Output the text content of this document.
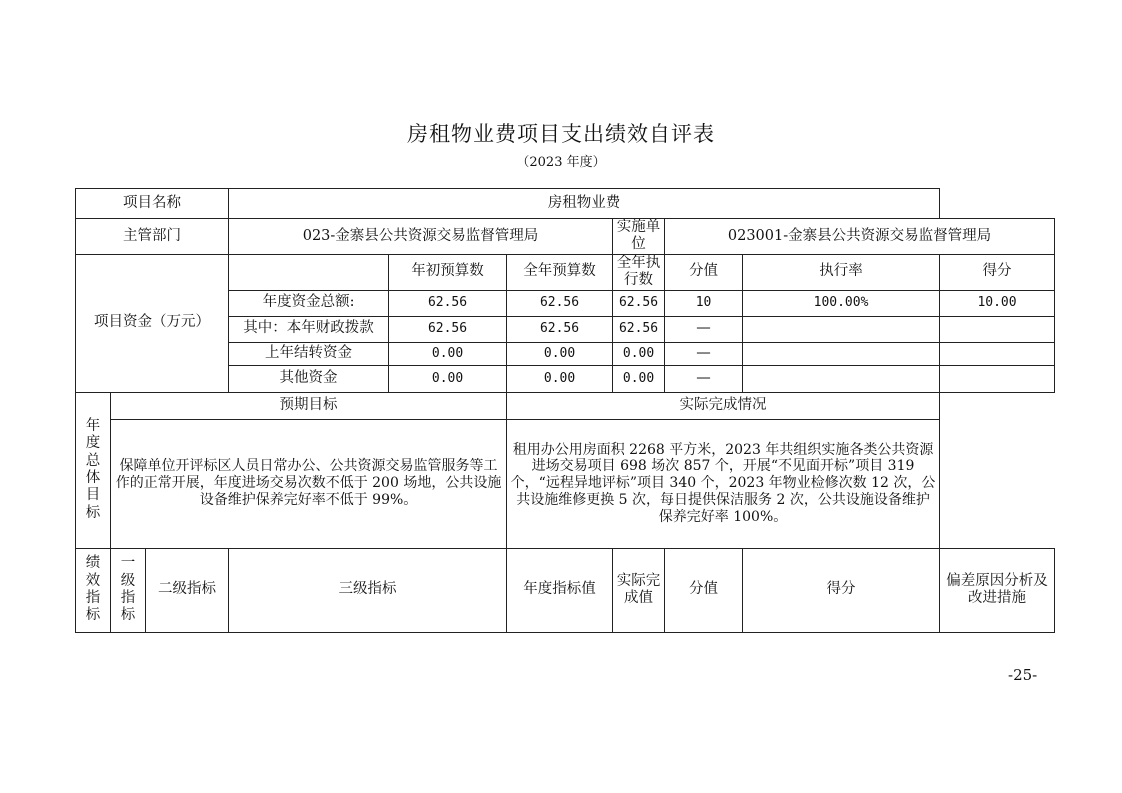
房租物业费项目支出绩效自评表
（2023 年度）
项目名称			房租物业费						
主管部门			023-金寨县公共资源交易监督管理局			实施单位	023001-金寨县公共资源交易监督管理局		
项目资金（万元）				年初预算数	全年预算数	全年执行数	分值	执行率	得分
			年度资金总额:	62.56	62.56	62.56	10	100.00%	10.00
			其中：本年财政拨款	62.56	62.56	62.56	—		
			上年结转资金	0.00	0.00	0.00	—		
			其他资金	0.00	0.00	0.00	—		
年度总体目标	预期目标				实际完成情况				
	保障单位开评标区人员日常办公、公共资源交易监管服务等工作的正常开展，年度进场交易次数不低于 200 场地，公共设施设备维护保养完好率不低于 99%。				租用办公用房面积 2268 平方米，2023 年共组织实施各类公共资源进场交易项目 698 场次 857 个，开展“不见面开标”项目 319 个，“远程异地评标”项目 340 个，2023 年物业检修次数 12 次，公共设施维修更换 5 次，每日提供保洁服务 2 次，公共设施设备维护保养完好率 100%。				
绩效指标	一级指标	二级指标	三级指标		年度指标值	实际完成值	分值	得分	偏差原因分析及改进措施
-25-
